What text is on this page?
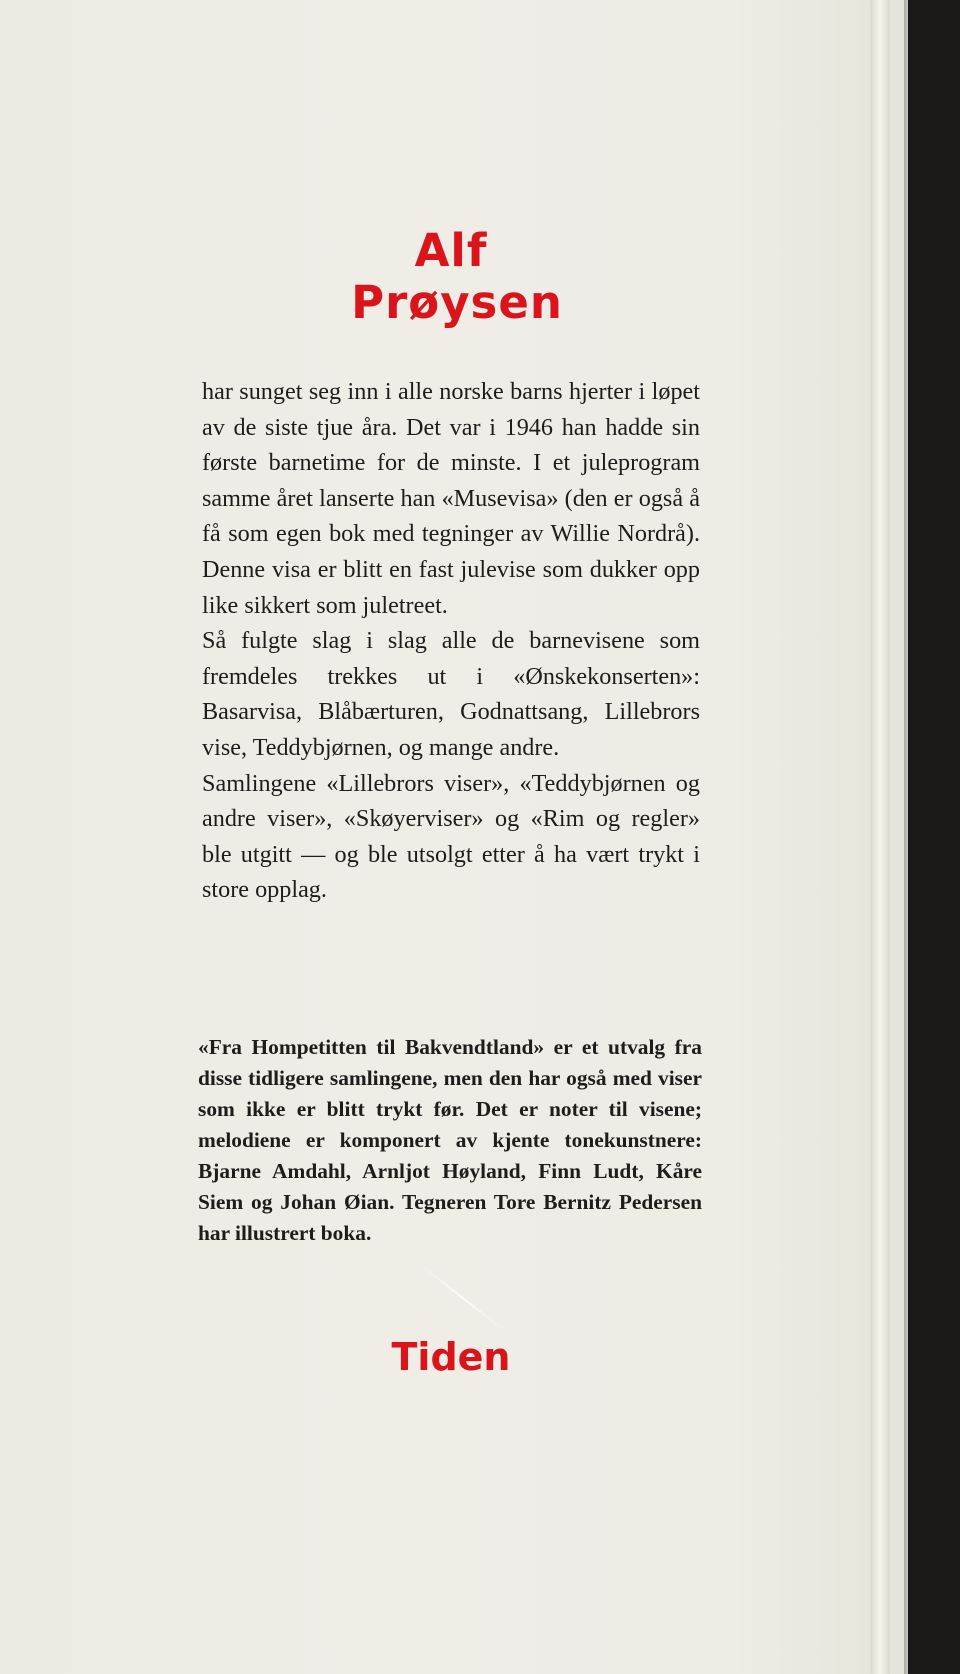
Alf
Prøysen

har sunget seg inn i alle norske barns hjerter i løpet av de siste tjue åra. Det var i 1946 han hadde sin første barnetime for de minste. I et juleprogram samme året lanserte han «Musevisa» (den er også å få som egen bok med tegninger av Willie Nordrå). Denne visa er blitt en fast julevise som dukker opp like sikkert som juletreet.

Så fulgte slag i slag alle de barnevisene som fremdeles trekkes ut i «Ønskekonserten»: Basarvisa, Blåbærturen, Godnattsang, Lillebrors vise, Teddybjørnen, og mange andre.

Samlingene «Lillebrors viser», «Teddybjørnen og andre viser», «Skøyerviser» og «Rim og regler» ble utgitt — og ble utsolgt etter å ha vært trykt i store opplag.

«Fra Hompetitten til Bakvendtland» er et utvalg fra disse tidligere samlingene, men den har også med viser som ikke er blitt trykt før. Det er noter til visene; melodiene er komponert av kjente tonekunstnere: Bjarne Amdahl, Arnljot Høyland, Finn Ludt, Kåre Siem og Johan Øian. Tegneren Tore Bernitz Pedersen har illustrert boka.

Tiden
